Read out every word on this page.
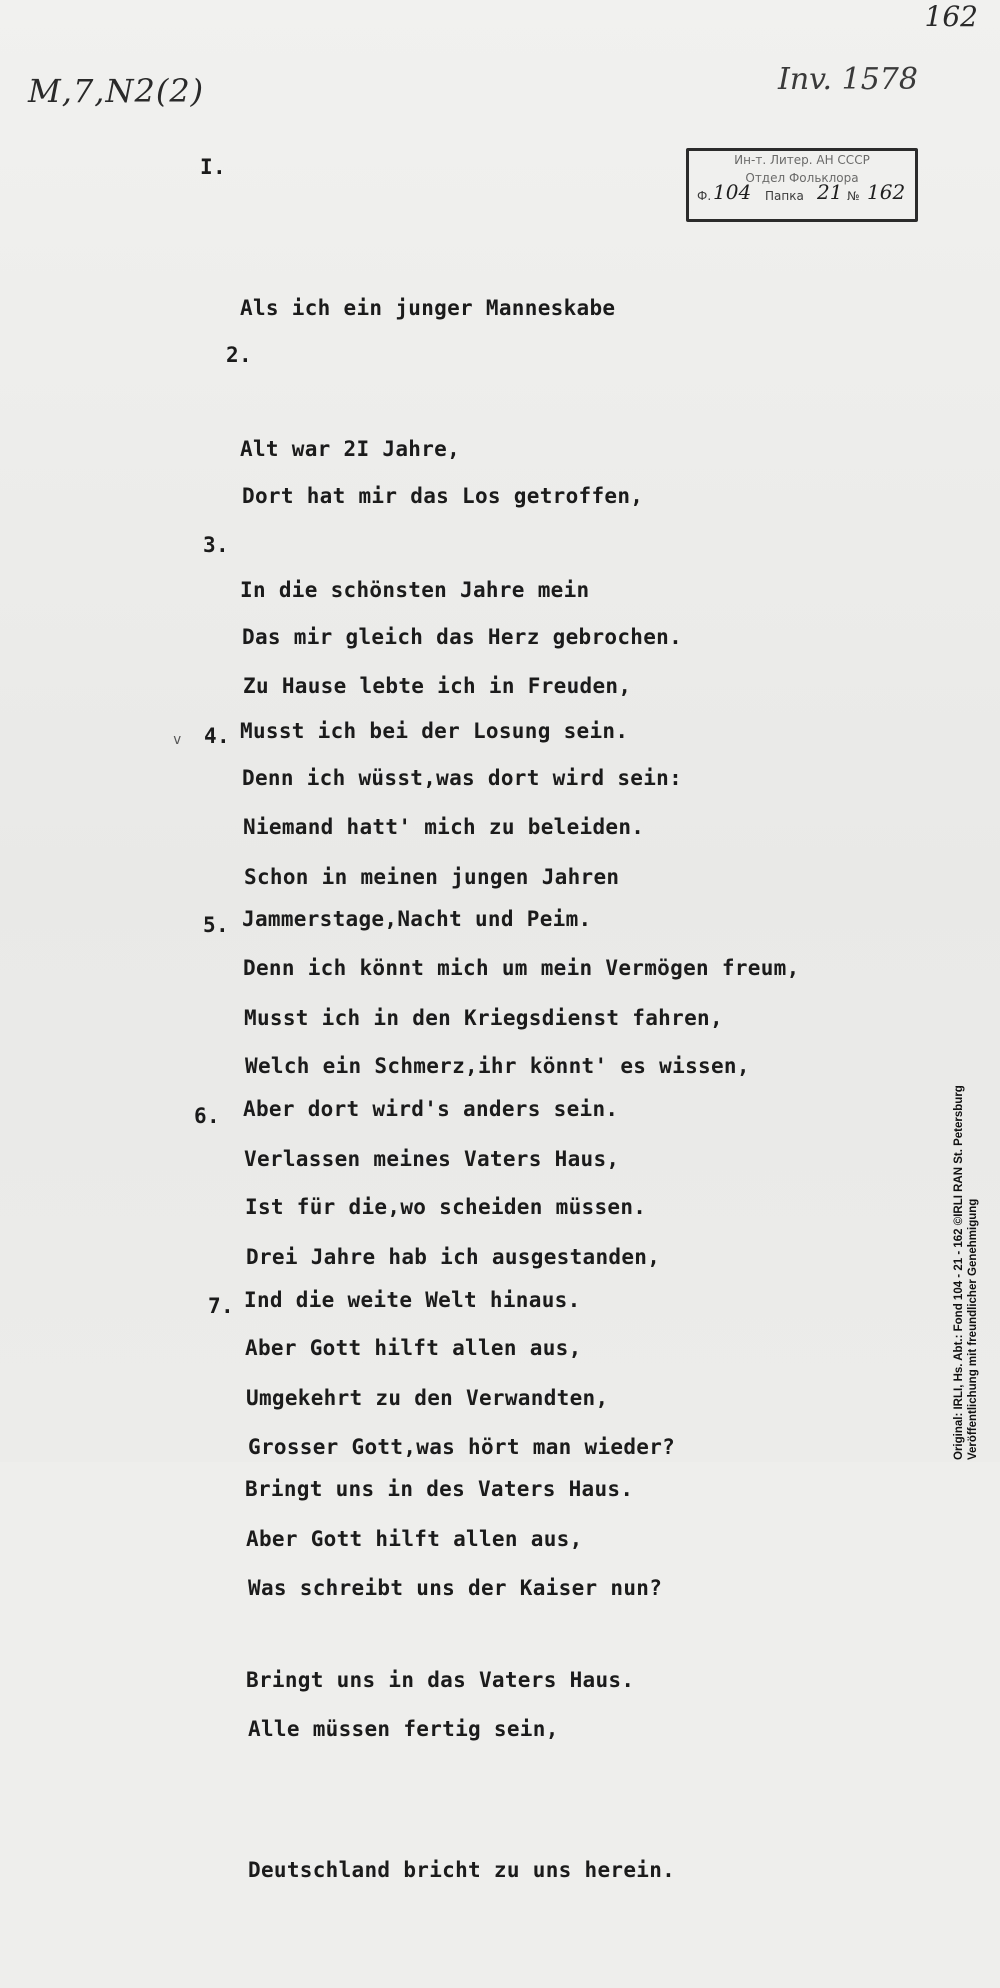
162
M,7,N2(2)	Inv. 1578
Ин-т. Литер. АН СССР
Отдел Фольклора
Ф. 104 Папка 21 № 162

I.

Als ich ein junger Manneskabe

Alt war 2I Jahre,

In die schönsten Jahre mein

Musst ich bei der Losung sein.

2.

Dort hat mir das Los getroffen,

Das mir gleich das Herz gebrochen.

Denn ich wüsst,was dort wird sein:

Jammerstage,Nacht und Peim.

3.

Zu Hause lebte ich in Freuden,

Niemand hatt' mich zu beleiden.

Denn ich könnt mich um mein Vermögen freum,

Aber dort wird's anders sein.

4.

Schon in meinen jungen Jahren

Musst ich in den Kriegsdienst fahren,

Verlassen meines Vaters Haus,

Ind die weite Welt hinaus.

5.

Welch ein Schmerz,ihr könnt' es wissen,

Ist für die,wo scheiden müssen.

Aber Gott hilft allen aus,

Bringt uns in des Vaters Haus.

6.

Drei Jahre hab ich ausgestanden,

Umgekehrt zu den Verwandten,

Aber Gott hilft allen aus,

Bringt uns in das Vaters Haus.

7.

Grosser Gott,was hört man wieder?

Was schreibt uns der Kaiser nun?

Alle müssen fertig sein,

Deutschland bricht zu uns herein.

v
Original: IRLI, Hs. Abt.: Fond 104 - 21 - 162 ©IRLI RAN St. Petersburg Veröffentlichung mit freundlicher Genehmigung
